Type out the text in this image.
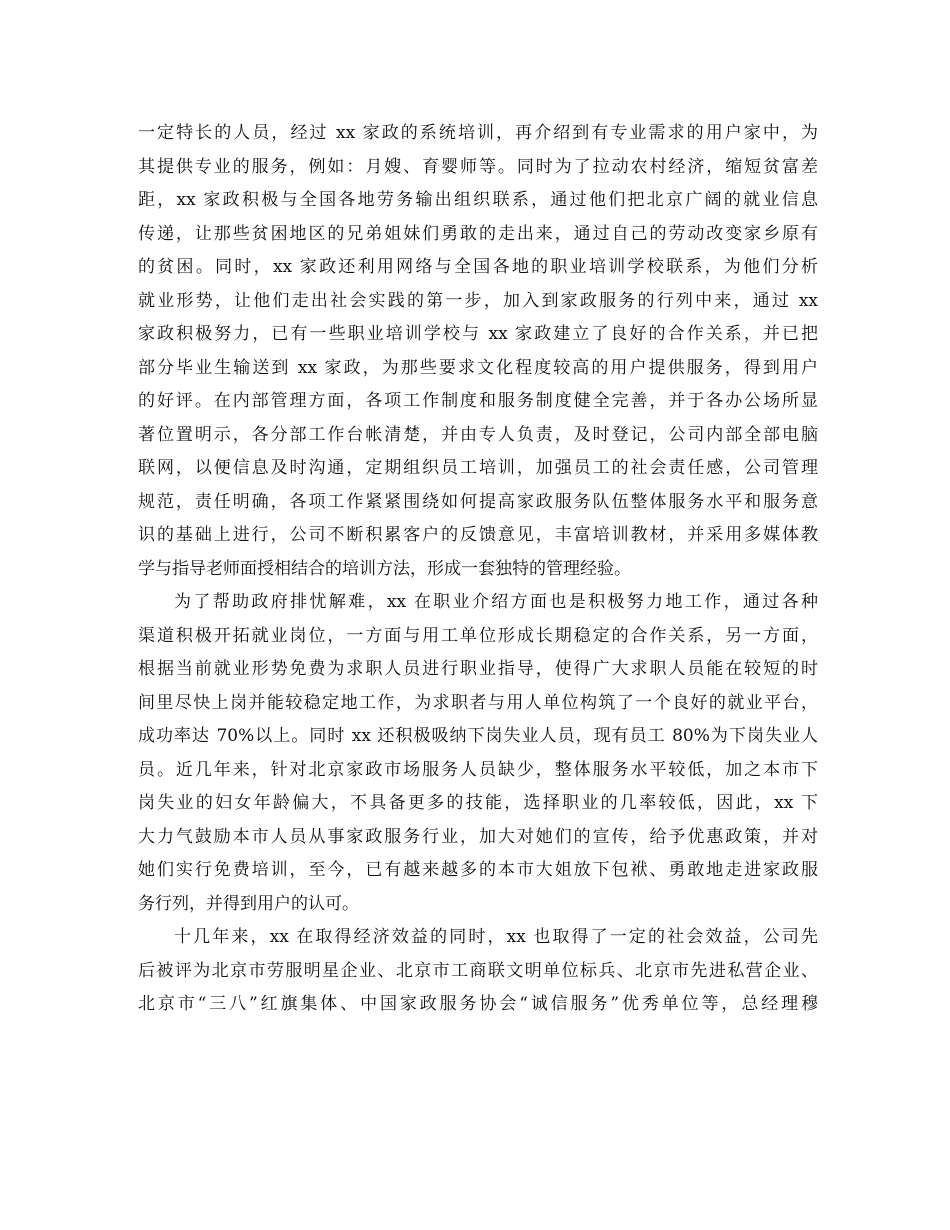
一定特长的人员，经过 xx 家政的系统培训，再介绍到有专业需求的用户家中，为
其提供专业的服务，例如：月嫂、育婴师等。同时为了拉动农村经济，缩短贫富差
距，xx 家政积极与全国各地劳务输出组织联系，通过他们把北京广阔的就业信息
传递，让那些贫困地区的兄弟姐妹们勇敢的走出来，通过自己的劳动改变家乡原有
的贫困。同时，xx 家政还利用网络与全国各地的职业培训学校联系，为他们分析
就业形势，让他们走出社会实践的第一步，加入到家政服务的行列中来，通过 xx
家政积极努力，已有一些职业培训学校与 xx 家政建立了良好的合作关系，并已把
部分毕业生输送到 xx 家政，为那些要求文化程度较高的用户提供服务，得到用户
的好评。在内部管理方面，各项工作制度和服务制度健全完善，并于各办公场所显
著位置明示，各分部工作台帐清楚，并由专人负责，及时登记，公司内部全部电脑
联网，以便信息及时沟通，定期组织员工培训，加强员工的社会责任感，公司管理
规范，责任明确，各项工作紧紧围绕如何提高家政服务队伍整体服务水平和服务意
识的基础上进行，公司不断积累客户的反馈意见，丰富培训教材，并采用多媒体教
学与指导老师面授相结合的培训方法，形成一套独特的管理经验。
为了帮助政府排忧解难，xx 在职业介绍方面也是积极努力地工作，通过各种
渠道积极开拓就业岗位，一方面与用工单位形成长期稳定的合作关系，另一方面，
根据当前就业形势免费为求职人员进行职业指导，使得广大求职人员能在较短的时
间里尽快上岗并能较稳定地工作，为求职者与用人单位构筑了一个良好的就业平台，
成功率达 70%以上。同时 xx 还积极吸纳下岗失业人员，现有员工 80%为下岗失业人
员。近几年来，针对北京家政市场服务人员缺少，整体服务水平较低，加之本市下
岗失业的妇女年龄偏大，不具备更多的技能，选择职业的几率较低，因此，xx 下
大力气鼓励本市人员从事家政服务行业，加大对她们的宣传，给予优惠政策，并对
她们实行免费培训，至今，已有越来越多的本市大姐放下包袱、勇敢地走进家政服
务行列，并得到用户的认可。
十几年来，xx 在取得经济效益的同时，xx 也取得了一定的社会效益，公司先
后被评为北京市劳服明星企业、北京市工商联文明单位标兵、北京市先进私营企业、
北京市“三八”红旗集体、中国家政服务协会“诚信服务”优秀单位等，总经理穆
